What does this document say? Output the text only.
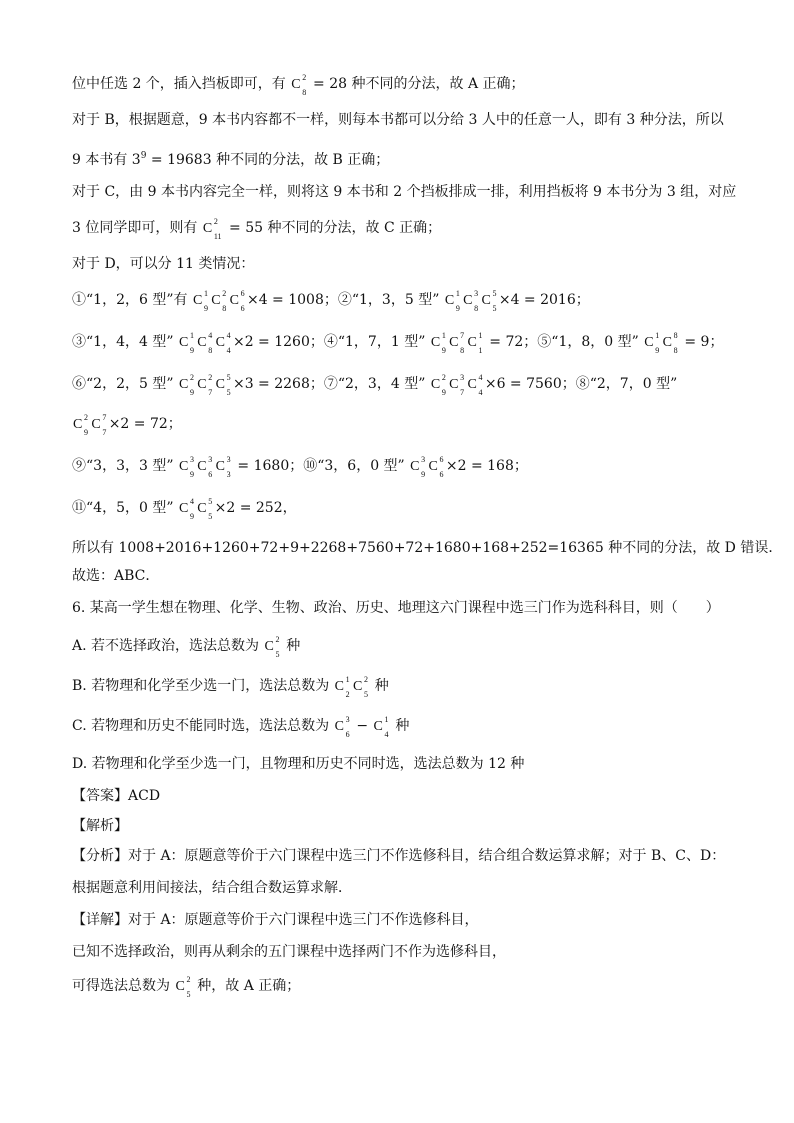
位中任选 2 个，插入挡板即可，有 C 2
8
= 28 种不同的分法，故 A 正确；
对于 B，根据题意，9 本书内容都不一样，则每本书都可以分给 3 人中的任意一人，即有 3 种分法，所以
9 本书有 $3^9 = 19683$ 种不同的分法，故 B 正确；
对于 C，由 9 本书内容完全一样，则将这 9 本书和 2 个挡板排成一排，利用挡板将 9 本书分为 3 组，对应
3 位同学即可，则有 C 2
11
= 55 种不同的分法，故 C 正确；
对于 D，可以分 11 类情况：
①“1，2，6 型”有 C 1
9
C 2
8
C 6
6
×4 = 1008；②“1，3，5 型” C 1
9
C 3
8
C 5
5
×4 = 2016；
③“1，4，4 型” C 1
9
C 4
8
C 4
4
×2 = 1260；④“1，7，1 型” C 1
9
C 7
8
C 1
1
= 72；⑤“1，8，0 型” C 1
9
C 8
8
= 9；
⑥“2，2，5 型” C 2
9
C 2
7
C 5
5
×3 = 2268；⑦“2，3，4 型” C 2
9
C 3
7
C 4
4
×6 = 7560；⑧“2，7，0 型”
C 2
9
C 7
7
×2 = 72；
⑨“3，3，3 型” C 3
9
C 3
6
C 3
3
= 1680；⑩“3，6，0 型” C 3
9
C 6
6
×2 = 168；
⑪“4，5，0 型” C 4
9
C 5
5
×2 = 252，
所以有 1008+2016+1260+72+9+2268+7560+72+1680+168+252=16365 种不同的分法，故 D 错误．
故选：ABC．
6. 某高一学生想在物理、化学、生物、政治、历史、地理这六门课程中选三门作为选科科目，则（　　）
A. 若不选择政治，选法总数为 C 2
5
种
B. 若物理和化学至少选一门，选法总数为 C 1
2
C 2
5
种
C. 若物理和历史不能同时选，选法总数为 C 3
6
− C 1
4
种
D. 若物理和化学至少选一门，且物理和历史不同时选，选法总数为 12 种
【答案】ACD
【解析】
【分析】对于 A：原题意等价于六门课程中选三门不作选修科目，结合组合数运算求解；对于 B、C、D：
根据题意利用间接法，结合组合数运算求解．
【详解】对于 A：原题意等价于六门课程中选三门不作选修科目，
已知不选择政治，则再从剩余的五门课程中选择两门不作为选修科目，
可得选法总数为 C 2
5
种，故 A 正确；
